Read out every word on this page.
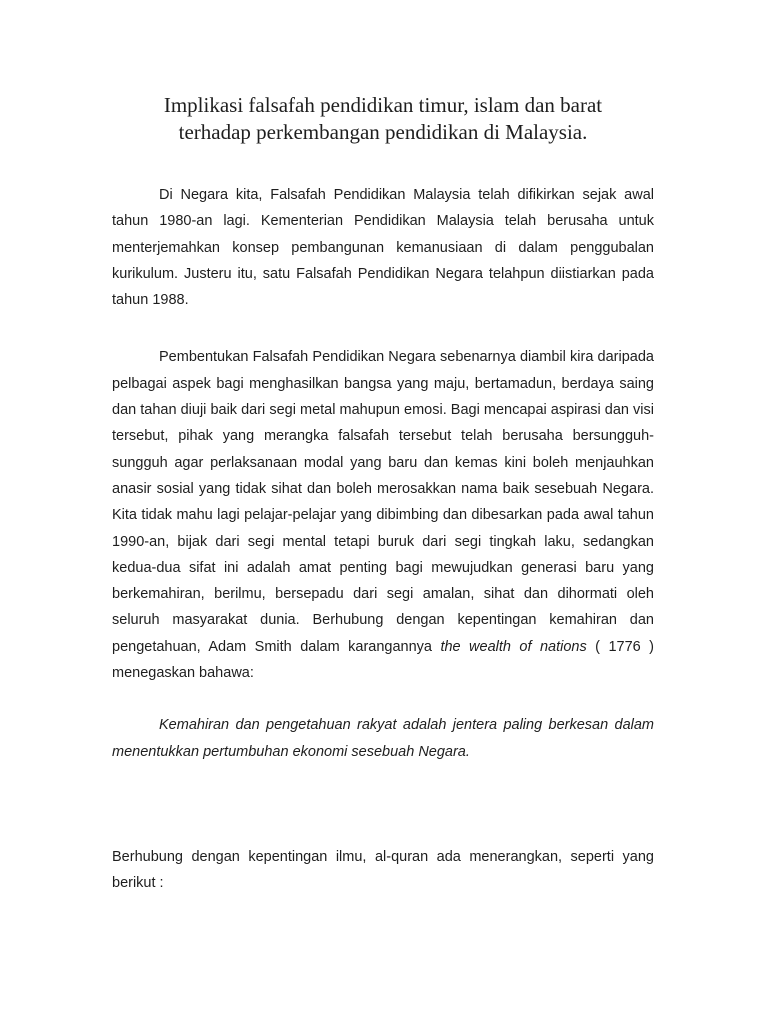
Implikasi falsafah pendidikan timur, islam dan barat
terhadap perkembangan pendidikan di Malaysia.

Di Negara kita, Falsafah Pendidikan Malaysia telah difikirkan sejak awal tahun 1980-an lagi. Kementerian Pendidikan Malaysia telah berusaha untuk menterjemahkan konsep pembangunan kemanusiaan di dalam penggubalan kurikulum. Justeru itu, satu Falsafah Pendidikan Negara telahpun diistiarkan pada tahun 1988.

Pembentukan Falsafah Pendidikan Negara sebenarnya diambil kira daripada pelbagai aspek bagi menghasilkan bangsa yang maju, bertamadun, berdaya saing dan tahan diuji baik dari segi metal mahupun emosi. Bagi mencapai aspirasi dan visi tersebut, pihak yang merangka falsafah tersebut telah berusaha bersungguh- sungguh agar perlaksanaan modal yang baru dan kemas kini boleh menjauhkan anasir sosial yang tidak sihat dan boleh merosakkan nama baik sesebuah Negara. Kita tidak mahu lagi pelajar-pelajar yang dibimbing dan dibesarkan pada awal tahun 1990-an, bijak dari segi mental tetapi buruk dari segi tingkah laku, sedangkan kedua-dua sifat ini adalah amat penting bagi mewujudkan generasi baru yang berkemahiran, berilmu, bersepadu dari segi amalan, sihat dan dihormati oleh seluruh masyarakat dunia. Berhubung dengan kepentingan kemahiran dan pengetahuan, Adam Smith dalam karangannya the wealth of nations ( 1776 ) menegaskan bahawa:

Kemahiran dan pengetahuan rakyat adalah jentera paling berkesan dalam menentukkan pertumbuhan ekonomi sesebuah Negara.

Berhubung dengan kepentingan ilmu, al-quran ada menerangkan, seperti yang berikut :
